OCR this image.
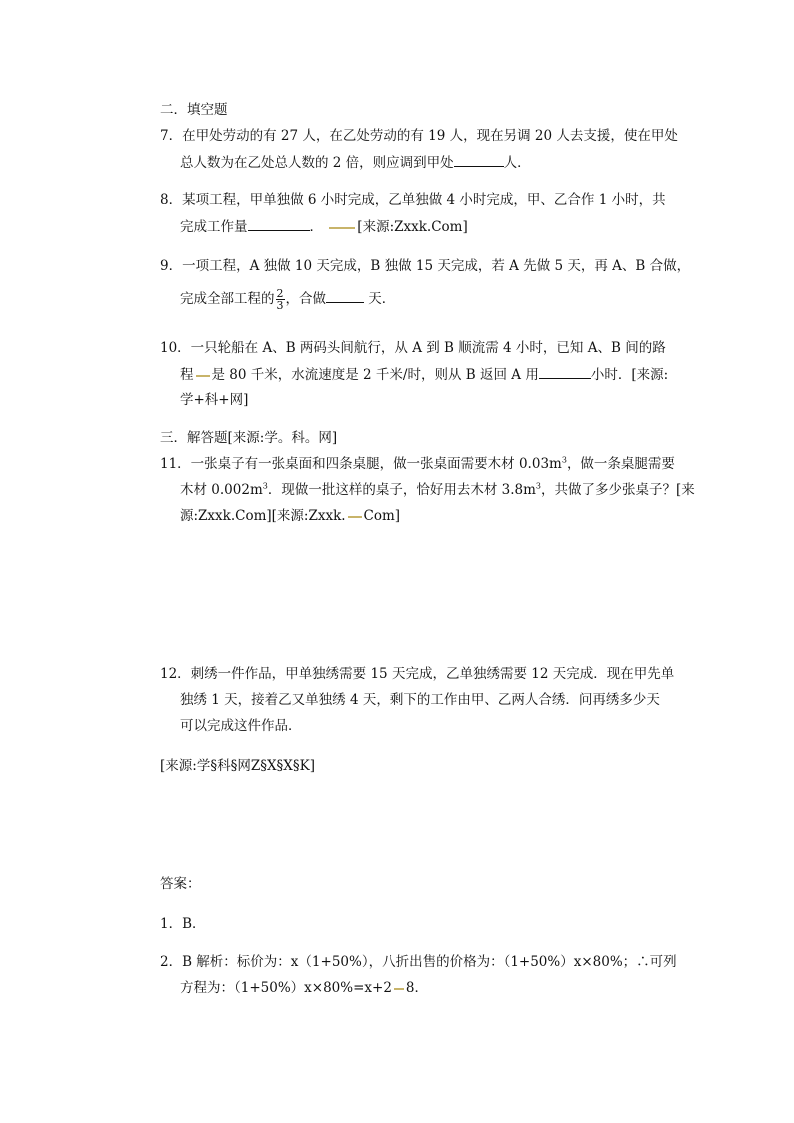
二．填空题
7．在甲处劳动的有 27 人，在乙处劳动的有 19 人，现在另调 20 人去支援，使在甲处
总人数为在乙处总人数的 2 倍，则应调到甲处	人．
8．某项工程，甲单独做 6 小时完成，乙单独做 4 小时完成，甲、乙合作 1 小时，共
完成工作量	．	[来源:Zxxk.Com]
9．一项工程，A 独做 10 天完成，B 独做 15 天完成，若 A 先做 5 天，再 A、B 合做，
完成全部工程的 $\frac{2}{3}$ ，合做	天．
10．一只轮船在 A、B 两码头间航行，从 A 到 B 顺流需 4 小时，已知 A、B 间的路
程 是 80 千米，水流速度是 2 千米/时，则从 B 返回 A 用	小时．[来源:
学+科+网]
三．解答题[来源:学。科。网]
11．一张桌子有一张桌面和四条桌腿，做一张桌面需要木材 $0.03m^3$，做一条桌腿需要
木材 $0.002m^3$．现做一批这样的桌子，恰好用去木材 $3.8m^3$，共做了多少张桌子？[来
源:Zxxk.Com][来源:Zxxk. Com]
12．刺绣一件作品，甲单独绣需要 15 天完成，乙单独绣需要 12 天完成．现在甲先单
独绣 1 天，接着乙又单独绣 4 天，剩下的工作由甲、乙两人合绣．问再绣多少天
可以完成这件作品．
[来源:学§科§网Z§X§X§K]
答案：
1．B．
2．B 解析：标价为：x（1+50%），八折出售的价格为：（1+50%）x×80%；∴可列
方程为：（1+50%）x×80%=x+2 8．
